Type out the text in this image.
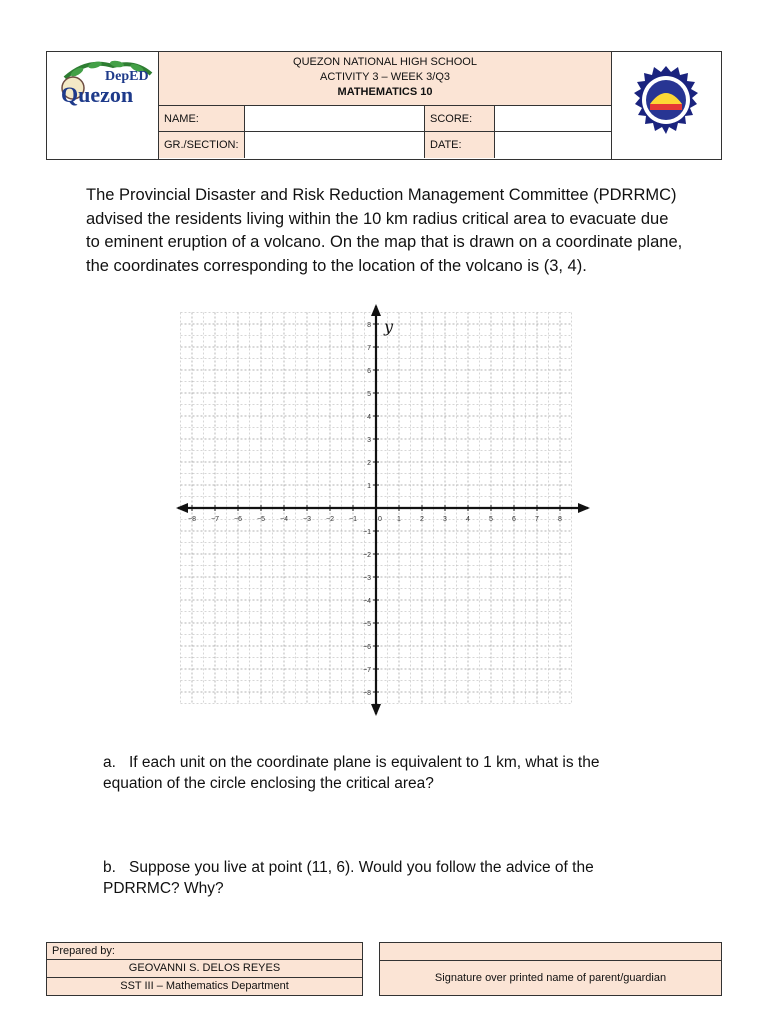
DepED
Quezon
QUEZON NATIONAL HIGH SCHOOL
ACTIVITY 3 – WEEK 3/Q3
MATHEMATICS 10
NAME:	SCORE:
GR./SECTION:	DATE:
The Provincial Disaster and Risk Reduction Management Committee (PDRRMC) advised the residents living within the 10 km radius critical area to evacuate due to eminent eruption of a volcano. On the map that is drawn on a coordinate plane, the coordinates corresponding to the location of the volcano is (3, 4).
y
−8 −7 −6 −5 −4 −3 −2 −1	0 1	2	3	4	5	6	7	8
−8
−7
−6
−5
−4
−3
−2
−1
1
2
3
4
5
6
7
8
a. If each unit on the coordinate plane is equivalent to 1 km, what is the equation of the circle enclosing the critical area?
b. Suppose you live at point (11, 6). Would you follow the advice of the PDRRMC? Why?
Prepared by:
GEOVANNI S. DELOS REYES
SST III – Mathematics Department
Signature over printed name of parent/guardian
